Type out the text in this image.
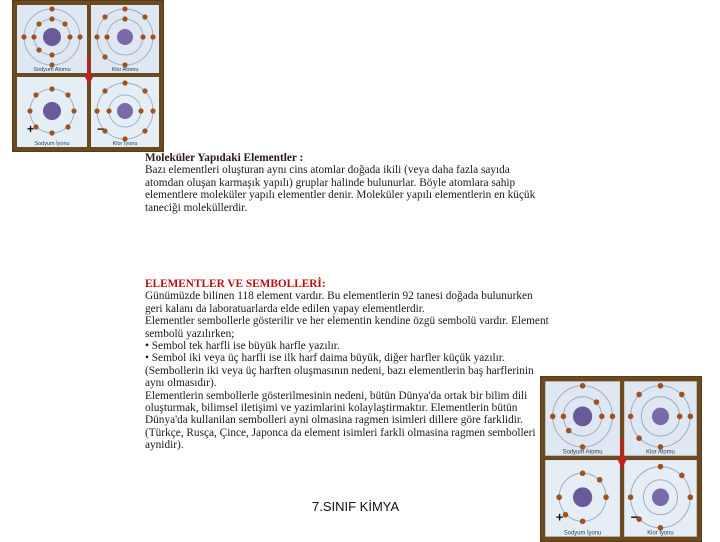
Sodyum Atomu	Klor Atomu
Sodyum İyonu	Klor İyonu
+	−

Moleküler Yapıdaki Elementler :

Bazı elementleri oluşturan aynı cins atomlar doğada ikili (veya daha fazla sayıda

atomdan oluşan karmaşık yapılı) gruplar halinde bulunurlar. Böyle atomlara sahip

elementlere moleküler yapılı elementler denir. Moleküler yapılı elementlerin en küçük

taneciği moleküllerdir.

ELEMENTLER VE SEMBOLLERİ:

Günümüzde bilinen 118 element vardır. Bu elementlerin 92 tanesi doğada bulunurken

geri kalanı da laboratuarlarda elde edilen yapay elementlerdir.

Elementler sembollerle gösterilir ve her elementin kendine özgü sembolü vardır. Element

sembolü yazılırken;

• Sembol tek harfli ise büyük harfle yazılır.

• Sembol iki veya üç harfli ise ilk harf daima büyük, diğer harfler küçük yazılır.

(Sembollerin iki veya üç harften oluşmasının nedeni, bazı elementlerin baş harflerinin

aynı olmasıdır).

Elementlerin sembollerle gösterilmesinin nedeni, bütün Dünya'da ortak bir bilim dili

oluşturmak, bilimsel iletişimi ve yazimlarini kolaylaştirmaktır. Elementlerin bütün

Dünya'da kullanilan sembolleri ayni olmasina ragmen isimleri dillere göre farklidir.

(Türkçe, Rusça, Çince, Japonca da element isimleri farkli olmasina ragmen sembolleri

aynidir).

Sodyum Atomu	Klor Atomu
Sodyum İyonu	Klor İyonu
+	−
7.SINIF KİMYA
